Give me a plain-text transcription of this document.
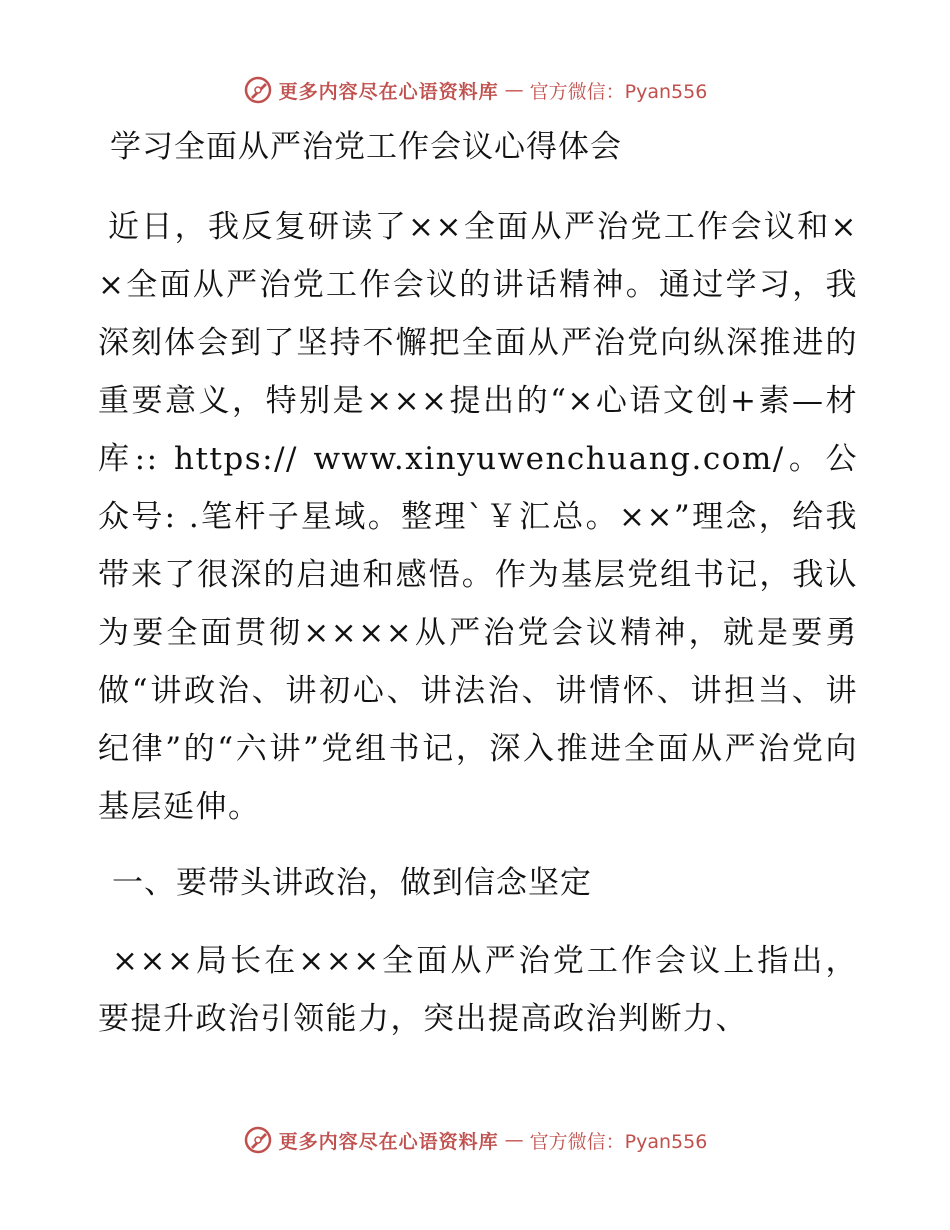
更多内容尽在心语资料库 — 官方微信：Pyan556
学习全面从严治党工作会议心得体会

近日，我反复研读了××全面从严治党工作会议和××全面从严治党工作会议的讲话精神。通过学习，我深刻体会到了坚持不懈把全面从严治党向纵深推进的重要意义，特别是×××提出的“×心语文创+素—材库:: https:// www.xinyuwenchuang.com/。公众号: .笔杆子星域。整理`￥汇总。××”理念，给我带来了很深的启迪和感悟。作为基层党组书记，我认为要全面贯彻××××从严治党会议精神，就是要勇做“讲政治、讲初心、讲法治、讲情怀、讲担当、讲纪律”的“六讲”党组书记，深入推进全面从严治党向基层延伸。

一、要带头讲政治，做到信念坚定

×××局长在×××全面从严治党工作会议上指出，要提升政治引领能力，突出提高政治判断力、

更多内容尽在心语资料库 — 官方微信：Pyan556
